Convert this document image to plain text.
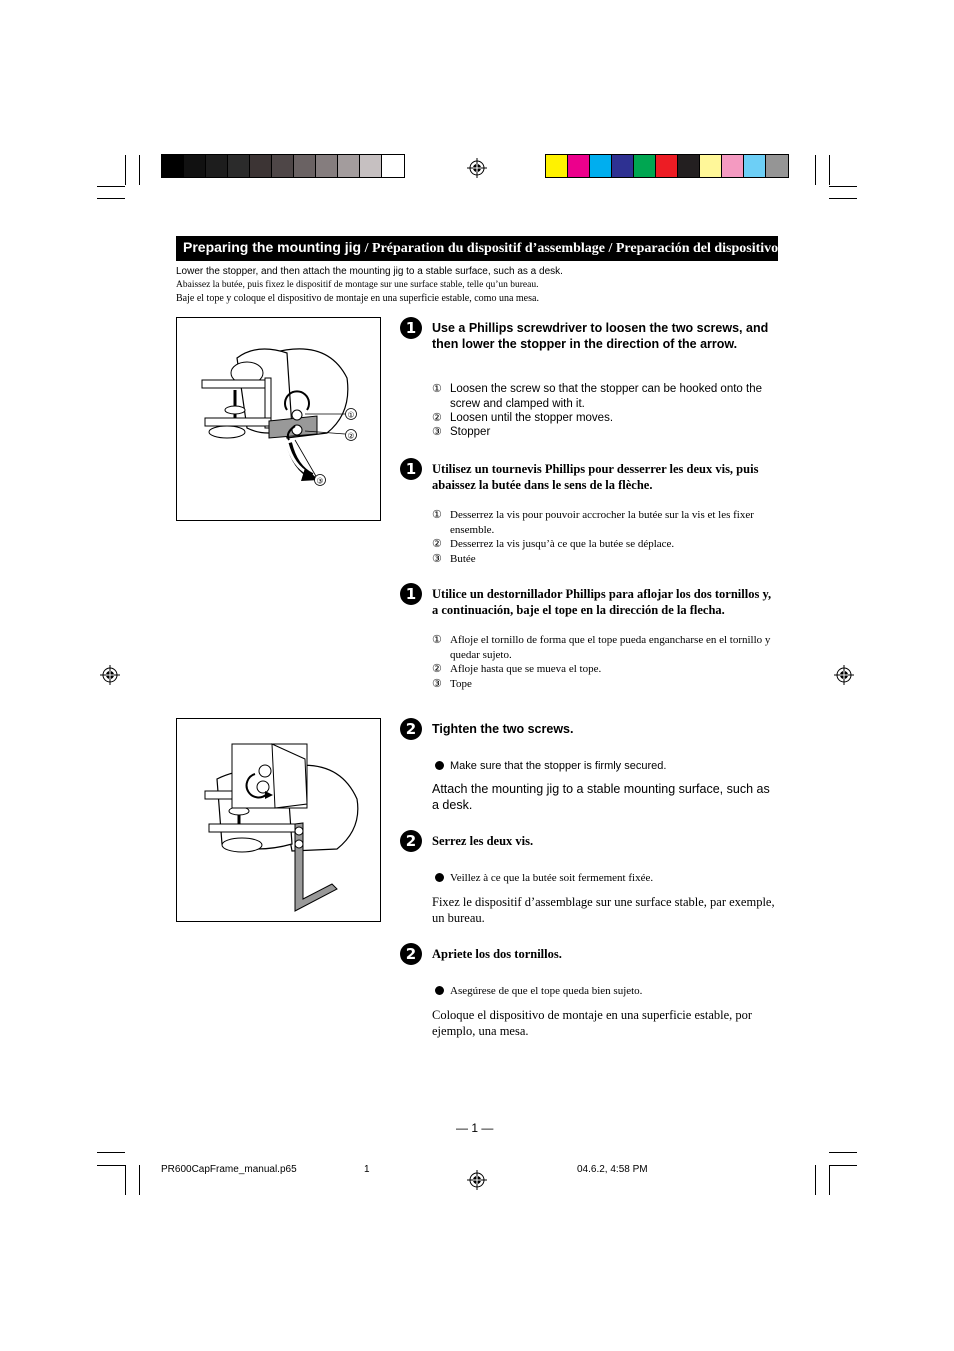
Preparing the mounting jig / Préparation du dispositif d’assemblage / Preparación del dispositivo de montaje
Lower the stopper, and then attach the mounting jig to a stable surface, such as a desk.
Abaissez la butée, puis fixez le dispositif de montage sur une surface stable, telle qu’un bureau.
Baje el tope y coloque el dispositivo de montaje en una superficie estable, como una mesa.
①
②
③
1	Use a Phillips screwdriver to loosen the two screws, and then lower the stopper in the direction of the arrow.
① Loosen the screw so that the stopper can be hooked onto the screw and clamped with it.
② Loosen until the stopper moves.
③ Stopper
1	Utilisez un tournevis Phillips pour desserrer les deux vis, puis abaissez la butée dans le sens de la flèche.
① Desserrez la vis pour pouvoir accrocher la butée sur la vis et les fixer ensemble.
② Desserrez la vis jusqu’à ce que la butée se déplace.
③ Butée
1	Utilice un destornillador Phillips para aflojar los dos tornillos y, a continuación, baje el tope en la dirección de la flecha.
① Afloje el tornillo de forma que el tope pueda engancharse en el tornillo y quedar sujeto.
② Afloje hasta que se mueva el tope.
③ Tope
2	Tighten the two screws.
Make sure that the stopper is firmly secured.
Attach the mounting jig to a stable mounting surface, such as a desk.
2	Serrez les deux vis.
Veillez à ce que la butée soit fermement fixée.
Fixez le dispositif d’assemblage sur une surface stable, par exemple, un bureau.
2	Apriete los dos tornillos.
Asegúrese de que el tope queda bien sujeto.
Coloque el dispositivo de montaje en una superficie estable, por ejemplo, una mesa.
— 1 —
PR600CapFrame_manual.p65	1	04.6.2, 4:58 PM
